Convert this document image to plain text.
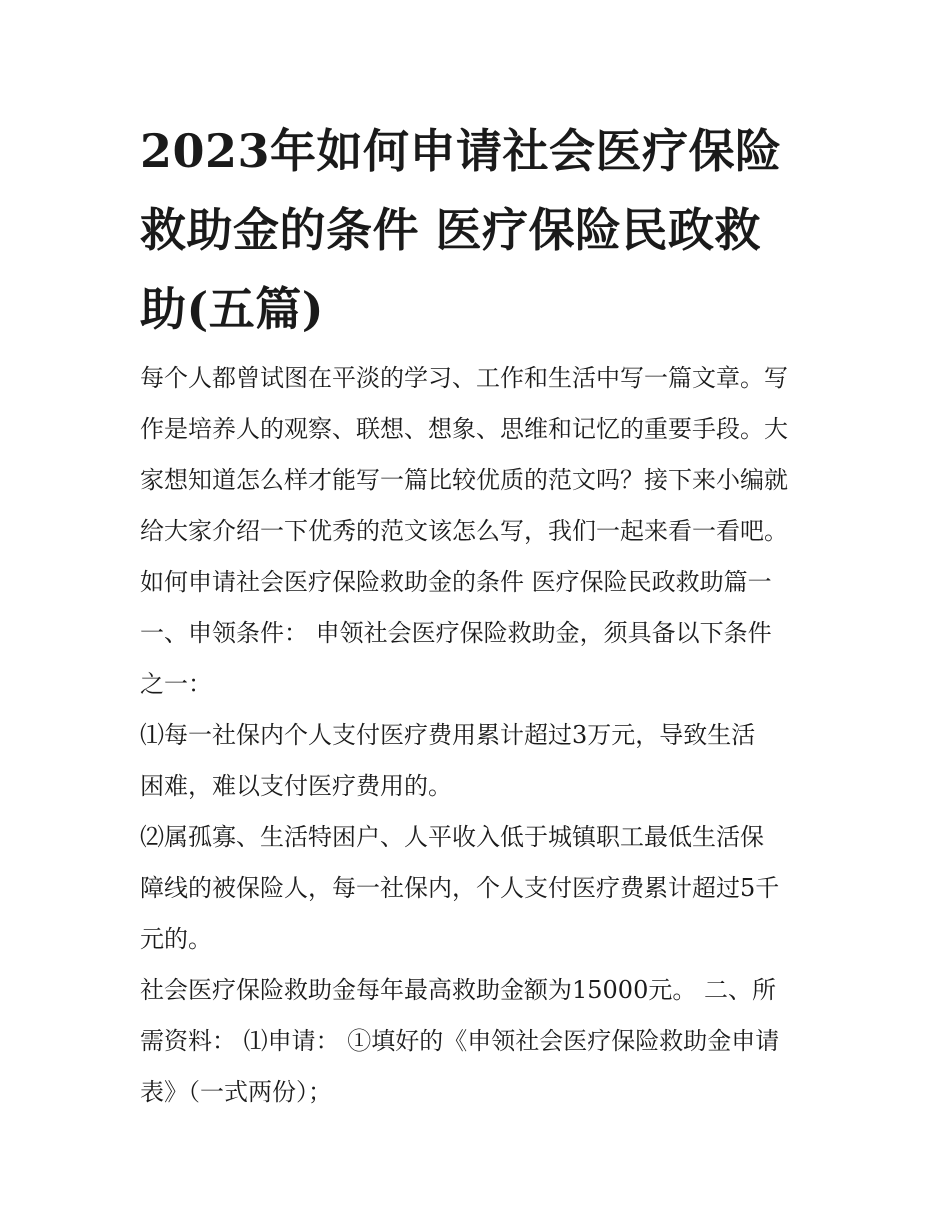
2023年如何申请社会医疗保险
救助金的条件 医疗保险民政救
助(五篇)
每个人都曾试图在平淡的学习、工作和生活中写一篇文章。写
作是培养人的观察、联想、想象、思维和记忆的重要手段。大
家想知道怎么样才能写一篇比较优质的范文吗？接下来小编就
给大家介绍一下优秀的范文该怎么写，我们一起来看一看吧。
如何申请社会医疗保险救助金的条件 医疗保险民政救助篇一
一、申领条件： 申领社会医疗保险救助金，须具备以下条件
之一：
⑴每一社保内个人支付医疗费用累计超过3万元，导致生活
困难，难以支付医疗费用的。
⑵属孤寡、生活特困户、人平收入低于城镇职工最低生活保
障线的被保险人，每一社保内，个人支付医疗费累计超过5千
元的。
社会医疗保险救助金每年最高救助金额为15000元。 二、所
需资料： ⑴申请： ①填好的《申领社会医疗保险救助金申请
表》（一式两份）；
